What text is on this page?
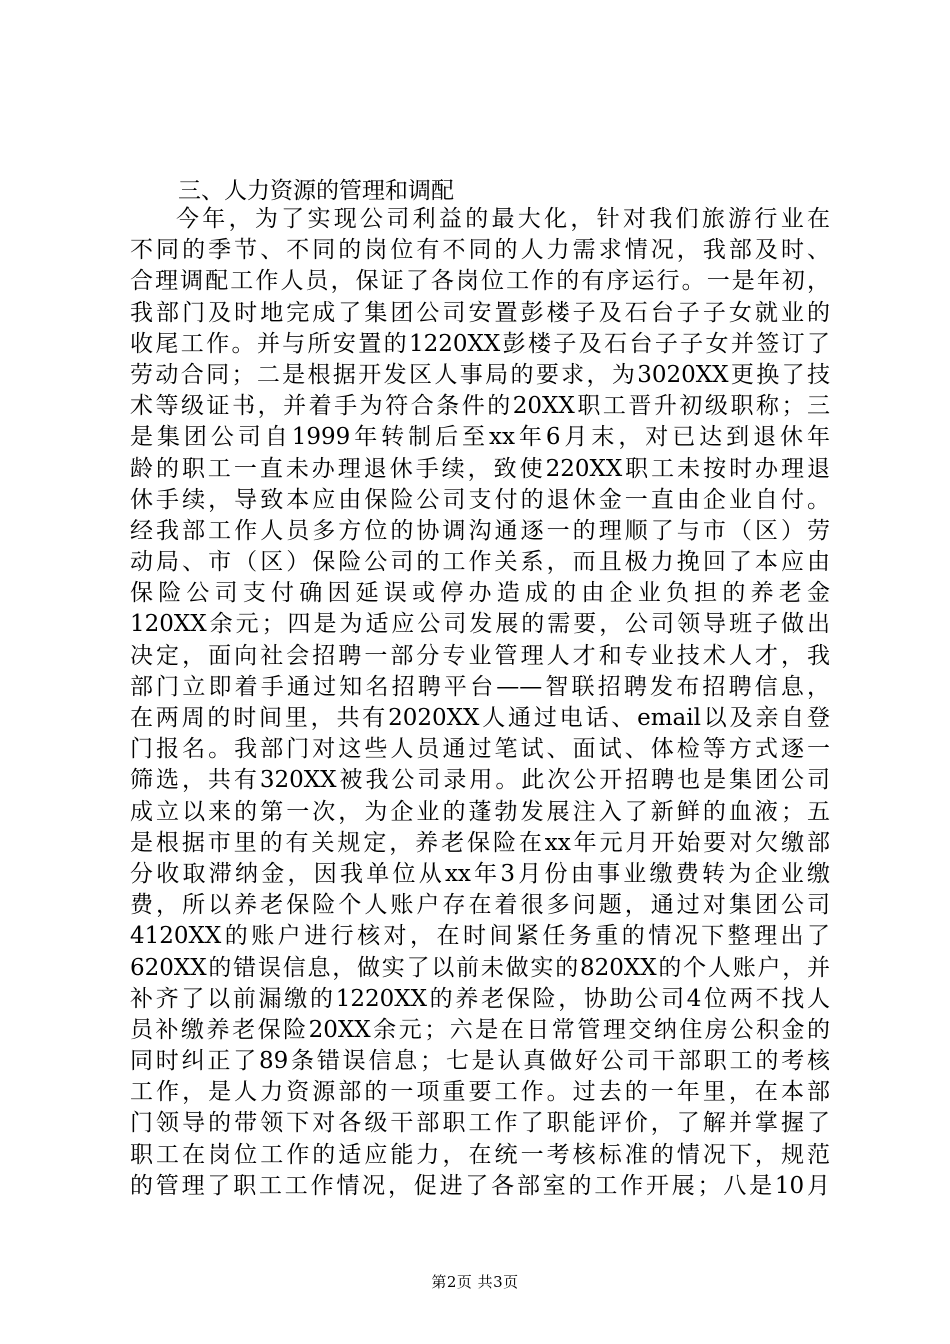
三、人力资源的管理和调配
今年，为了实现公司利益的最大化，针对我们旅游行业在
不同的季节、不同的岗位有不同的人力需求情况，我部及时、
合理调配工作人员，保证了各岗位工作的有序运行。一是年初，
我部门及时地完成了集团公司安置彭楼子及石台子子女就业的
收尾工作。并与所安置的1220XX彭楼子及石台子子女并签订了
劳动合同；二是根据开发区人事局的要求，为3020XX更换了技
术等级证书，并着手为符合条件的20XX职工晋升初级职称；三
是集团公司自1999年转制后至xx年6月末，对已达到退休年
龄的职工一直未办理退休手续，致使220XX职工未按时办理退
休手续，导致本应由保险公司支付的退休金一直由企业自付。
经我部工作人员多方位的协调沟通逐一的理顺了与市（区）劳
动局、市（区）保险公司的工作关系，而且极力挽回了本应由
保险公司支付确因延误或停办造成的由企业负担的养老金
120XX余元；四是为适应公司发展的需要，公司领导班子做出
决定，面向社会招聘一部分专业管理人才和专业技术人才，我
部门立即着手通过知名招聘平台——智联招聘发布招聘信息，
在两周的时间里，共有2020XX人通过电话、email以及亲自登
门报名。我部门对这些人员通过笔试、面试、体检等方式逐一
筛选，共有320XX被我公司录用。此次公开招聘也是集团公司
成立以来的第一次，为企业的蓬勃发展注入了新鲜的血液；五
是根据市里的有关规定，养老保险在xx年元月开始要对欠缴部
分收取滞纳金，因我单位从xx年3月份由事业缴费转为企业缴
费，所以养老保险个人账户存在着很多问题，通过对集团公司
4120XX的账户进行核对，在时间紧任务重的情况下整理出了
620XX的错误信息，做实了以前未做实的820XX的个人账户，并
补齐了以前漏缴的1220XX的养老保险，协助公司4位两不找人
员补缴养老保险20XX余元；六是在日常管理交纳住房公积金的
同时纠正了89条错误信息；七是认真做好公司干部职工的考核
工作，是人力资源部的一项重要工作。过去的一年里，在本部
门领导的带领下对各级干部职工作了职能评价，了解并掌握了
职工在岗位工作的适应能力，在统一考核标准的情况下，规范
的管理了职工工作情况，促进了各部室的工作开展；八是10月
第2页 共3页
